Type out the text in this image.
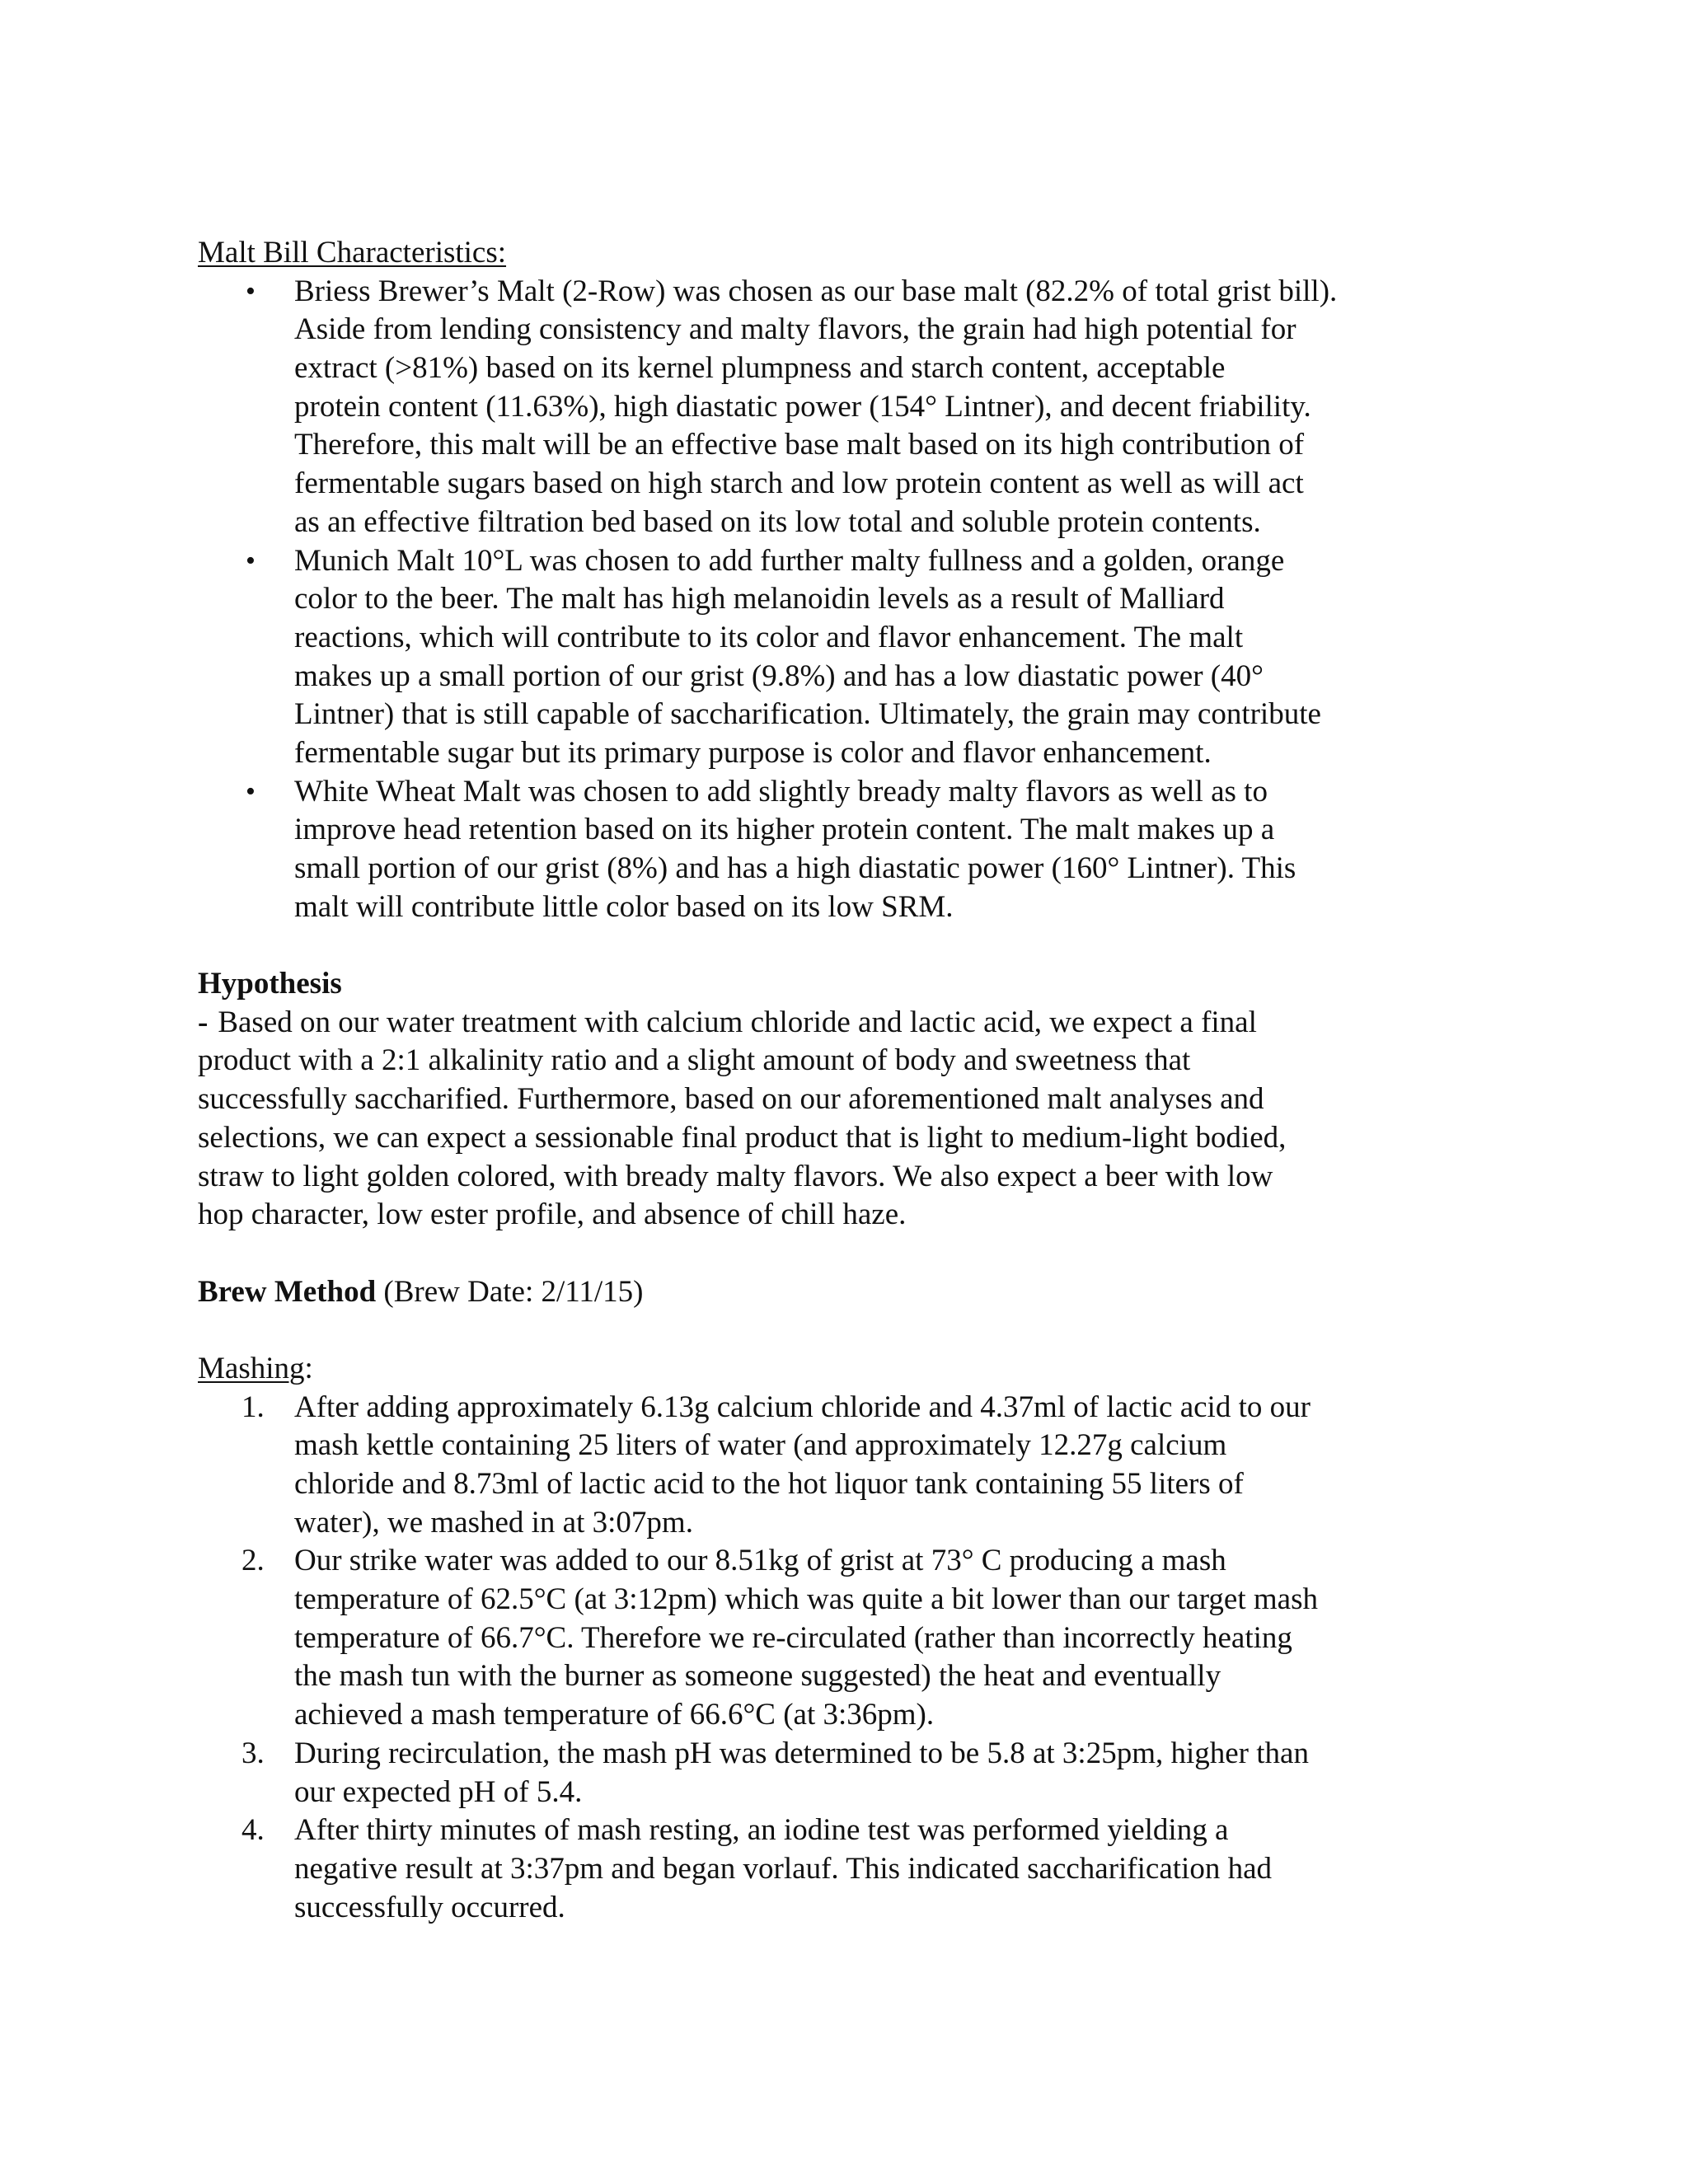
Malt Bill Characteristics:
•	Briess Brewer’s Malt (2-Row) was chosen as our base malt (82.2% of total grist bill).
Aside from lending consistency and malty flavors, the grain had high potential for
extract (>81%) based on its kernel plumpness and starch content, acceptable
protein content (11.63%), high diastatic power (154° Lintner), and decent friability.
Therefore, this malt will be an effective base malt based on its high contribution of
fermentable sugars based on high starch and low protein content as well as will act
as an effective filtration bed based on its low total and soluble protein contents.
•	Munich Malt 10°L was chosen to add further malty fullness and a golden, orange
color to the beer. The malt has high melanoidin levels as a result of Malliard
reactions, which will contribute to its color and flavor enhancement. The malt
makes up a small portion of our grist (9.8%) and has a low diastatic power (40°
Lintner) that is still capable of saccharification. Ultimately, the grain may contribute
fermentable sugar but its primary purpose is color and flavor enhancement.
•	White Wheat Malt was chosen to add slightly bready malty flavors as well as to
improve head retention based on its higher protein content. The malt makes up a
small portion of our grist (8%) and has a high diastatic power (160° Lintner). This
malt will contribute little color based on its low SRM.
Hypothesis
- Based on our water treatment with calcium chloride and lactic acid, we expect a final
product with a 2:1 alkalinity ratio and a slight amount of body and sweetness that
successfully saccharified. Furthermore, based on our aforementioned malt analyses and
selections, we can expect a sessionable final product that is light to medium-light bodied,
straw to light golden colored, with bready malty flavors. We also expect a beer with low
hop character, low ester profile, and absence of chill haze.
Brew Method (Brew Date: 2/11/15)
Mashing:
1. After adding approximately 6.13g calcium chloride and 4.37ml of lactic acid to our
mash kettle containing 25 liters of water (and approximately 12.27g calcium
chloride and 8.73ml of lactic acid to the hot liquor tank containing 55 liters of
water), we mashed in at 3:07pm.
2. Our strike water was added to our 8.51kg of grist at 73° C producing a mash
temperature of 62.5°C (at 3:12pm) which was quite a bit lower than our target mash
temperature of 66.7°C. Therefore we re-circulated (rather than incorrectly heating
the mash tun with the burner as someone suggested) the heat and eventually
achieved a mash temperature of 66.6°C (at 3:36pm).
3. During recirculation, the mash pH was determined to be 5.8 at 3:25pm, higher than
our expected pH of 5.4.
4. After thirty minutes of mash resting, an iodine test was performed yielding a
negative result at 3:37pm and began vorlauf. This indicated saccharification had
successfully occurred.
